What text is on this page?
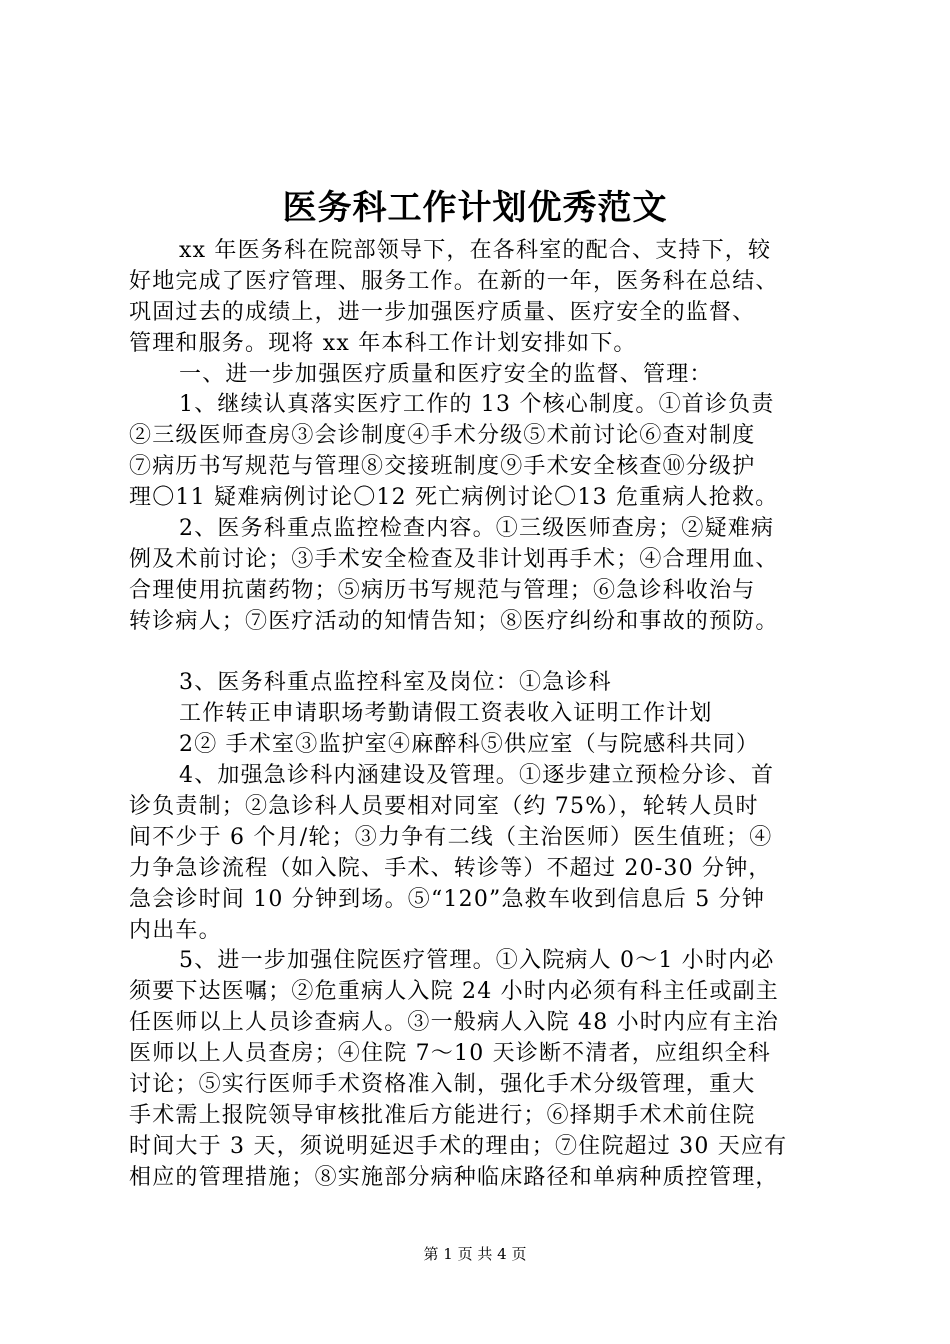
医务科工作计划优秀范文
xx 年医务科在院部领导下，在各科室的配合、支持下，较
好地完成了医疗管理、服务工作。在新的一年，医务科在总结、
巩固过去的成绩上，进一步加强医疗质量、医疗安全的监督、
管理和服务。现将 xx 年本科工作计划安排如下。
一、进一步加强医疗质量和医疗安全的监督、管理：
1、继续认真落实医疗工作的 13 个核心制度。①首诊负责
②三级医师查房③会诊制度④手术分级⑤术前讨论⑥查对制度
⑦病历书写规范与管理⑧交接班制度⑨手术安全核查⑩分级护
理〇11 疑难病例讨论〇12 死亡病例讨论〇13 危重病人抢救。
2、医务科重点监控检查内容。①三级医师查房；②疑难病
例及术前讨论；③手术安全检查及非计划再手术；④合理用血、
合理使用抗菌药物；⑤病历书写规范与管理；⑥急诊科收治与
转诊病人；⑦医疗活动的知情告知；⑧医疗纠纷和事故的预防。
3、医务科重点监控科室及岗位：①急诊科
工作转正申请职场考勤请假工资表收入证明工作计划
2② 手术室③监护室④麻醉科⑤供应室（与院感科共同）
4、加强急诊科内涵建设及管理。①逐步建立预检分诊、首
诊负责制；②急诊科人员要相对同室（约 75%），轮转人员时
间不少于 6 个月/轮；③力争有二线（主治医师）医生值班；④
力争急诊流程（如入院、手术、转诊等）不超过 20-30 分钟，
急会诊时间 10 分钟到场。⑤“120”急救车收到信息后 5 分钟
内出车。
5、进一步加强住院医疗管理。①入院病人 0～1 小时内必
须要下达医嘱；②危重病人入院 24 小时内必须有科主任或副主
任医师以上人员诊查病人。③一般病人入院 48 小时内应有主治
医师以上人员查房；④住院 7～10 天诊断不清者，应组织全科
讨论；⑤实行医师手术资格准入制，强化手术分级管理，重大
手术需上报院领导审核批准后方能进行；⑥择期手术术前住院
时间大于 3 天，须说明延迟手术的理由；⑦住院超过 30 天应有
相应的管理措施；⑧实施部分病种临床路径和单病种质控管理，
第 1 页 共 4 页
